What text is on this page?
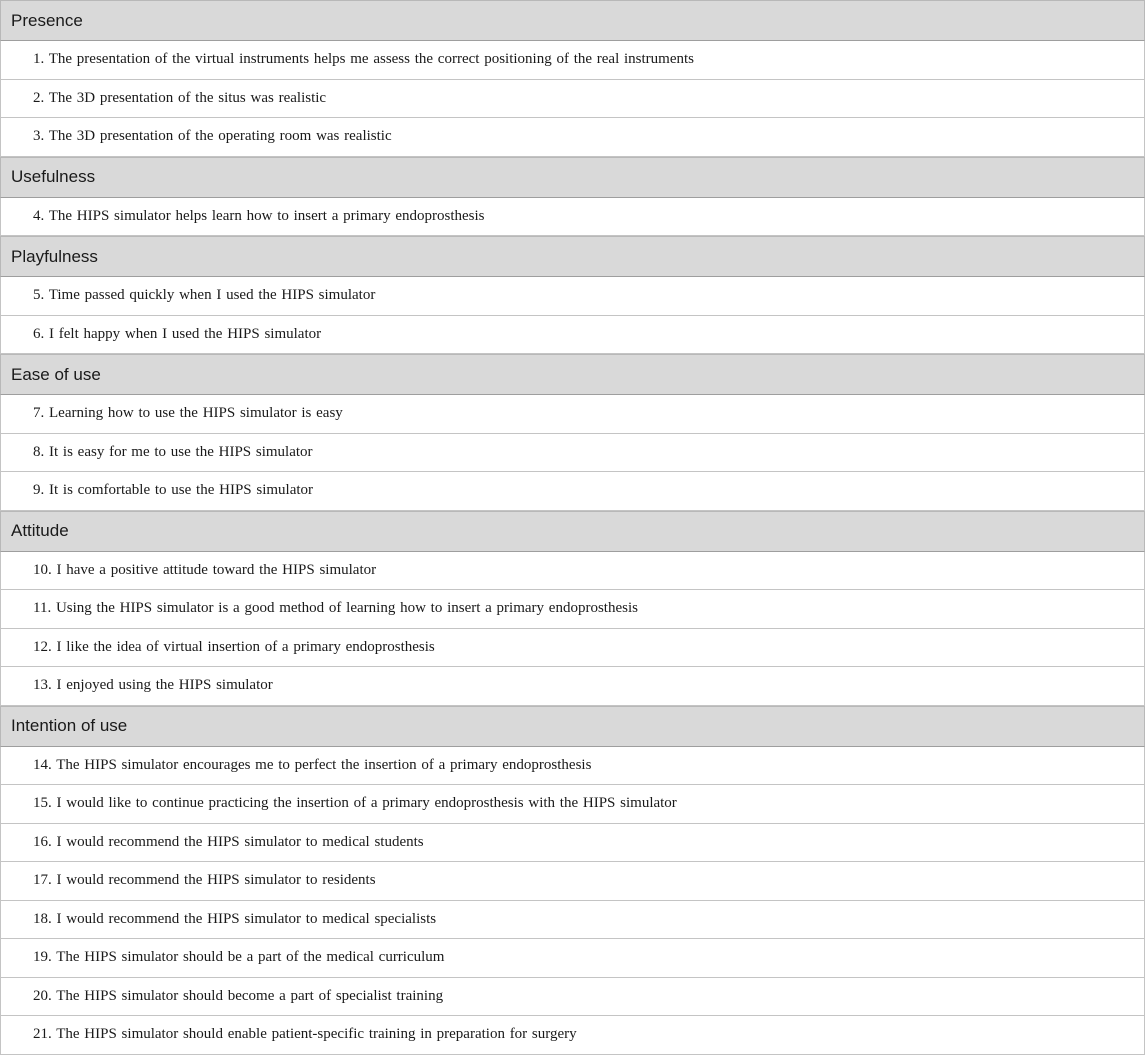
Presence
1. The presentation of the virtual instruments helps me assess the correct positioning of the real instruments
2. The 3D presentation of the situs was realistic
3. The 3D presentation of the operating room was realistic
Usefulness
4. The HIPS simulator helps learn how to insert a primary endoprosthesis
Playfulness
5. Time passed quickly when I used the HIPS simulator
6. I felt happy when I used the HIPS simulator
Ease of use
7. Learning how to use the HIPS simulator is easy
8. It is easy for me to use the HIPS simulator
9. It is comfortable to use the HIPS simulator
Attitude
10. I have a positive attitude toward the HIPS simulator
11. Using the HIPS simulator is a good method of learning how to insert a primary endoprosthesis
12. I like the idea of virtual insertion of a primary endoprosthesis
13. I enjoyed using the HIPS simulator
Intention of use
14. The HIPS simulator encourages me to perfect the insertion of a primary endoprosthesis
15. I would like to continue practicing the insertion of a primary endoprosthesis with the HIPS simulator
16. I would recommend the HIPS simulator to medical students
17. I would recommend the HIPS simulator to residents
18. I would recommend the HIPS simulator to medical specialists
19. The HIPS simulator should be a part of the medical curriculum
20. The HIPS simulator should become a part of specialist training
21. The HIPS simulator should enable patient-specific training in preparation for surgery
